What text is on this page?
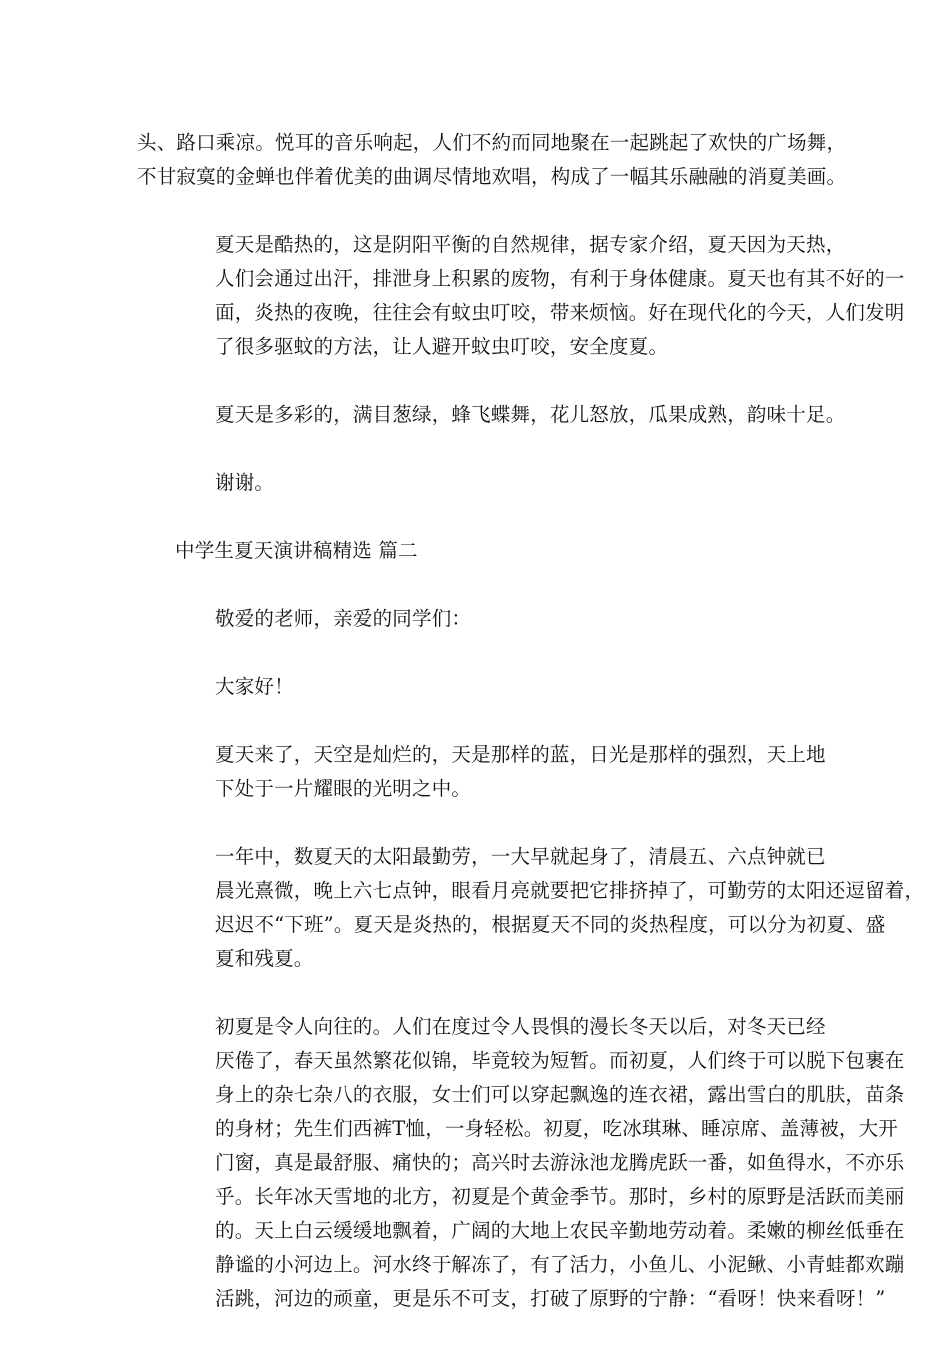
头、路口乘凉。悦耳的音乐响起，人们不約而同地聚在一起跳起了欢快的广场舞，
不甘寂寞的金蝉也伴着优美的曲调尽情地欢唱，构成了一幅其乐融融的消夏美画。

夏天是酷热的，这是阴阳平衡的自然规律，据专家介绍，夏天因为天热，
人们会通过出汗，排泄身上积累的废物，有利于身体健康。夏天也有其不好的一
面，炎热的夜晚，往往会有蚊虫叮咬，带来烦恼。好在现代化的今天，人们发明
了很多驱蚊的方法，让人避开蚊虫叮咬，安全度夏。

夏天是多彩的，满目葱绿，蜂飞蝶舞，花儿怒放，瓜果成熟，韵味十足。

谢谢。

中学生夏天演讲稿精选 篇二

敬爱的老师，亲爱的同学们：

大家好！

夏天来了，天空是灿烂的，天是那样的蓝，日光是那样的强烈，天上地
下处于一片耀眼的光明之中。

一年中，数夏天的太阳最勤劳，一大早就起身了，清晨五、六点钟就已
晨光熹微，晚上六七点钟，眼看月亮就要把它排挤掉了，可勤劳的太阳还逗留着，
迟迟不“下班”。夏天是炎热的，根据夏天不同的炎热程度，可以分为初夏、盛
夏和残夏。

初夏是令人向往的。人们在度过令人畏惧的漫长冬天以后，对冬天已经
厌倦了，春天虽然繁花似锦，毕竟较为短暂。而初夏，人们终于可以脱下包裹在
身上的杂七杂八的衣服，女士们可以穿起飘逸的连衣裙，露出雪白的肌肤，苗条
的身材；先生们西裤T恤，一身轻松。初夏，吃冰琪琳、睡凉席、盖薄被，大开
门窗，真是最舒服、痛快的；高兴时去游泳池龙腾虎跃一番，如鱼得水，不亦乐
乎。长年冰天雪地的北方，初夏是个黄金季节。那时，乡村的原野是活跃而美丽
的。天上白云缓缓地飘着，广阔的大地上农民辛勤地劳动着。柔嫩的柳丝低垂在
静谧的小河边上。河水终于解冻了，有了活力，小鱼儿、小泥鳅、小青蛙都欢蹦
活跳，河边的顽童，更是乐不可支，打破了原野的宁静：“看呀！快来看呀！”
